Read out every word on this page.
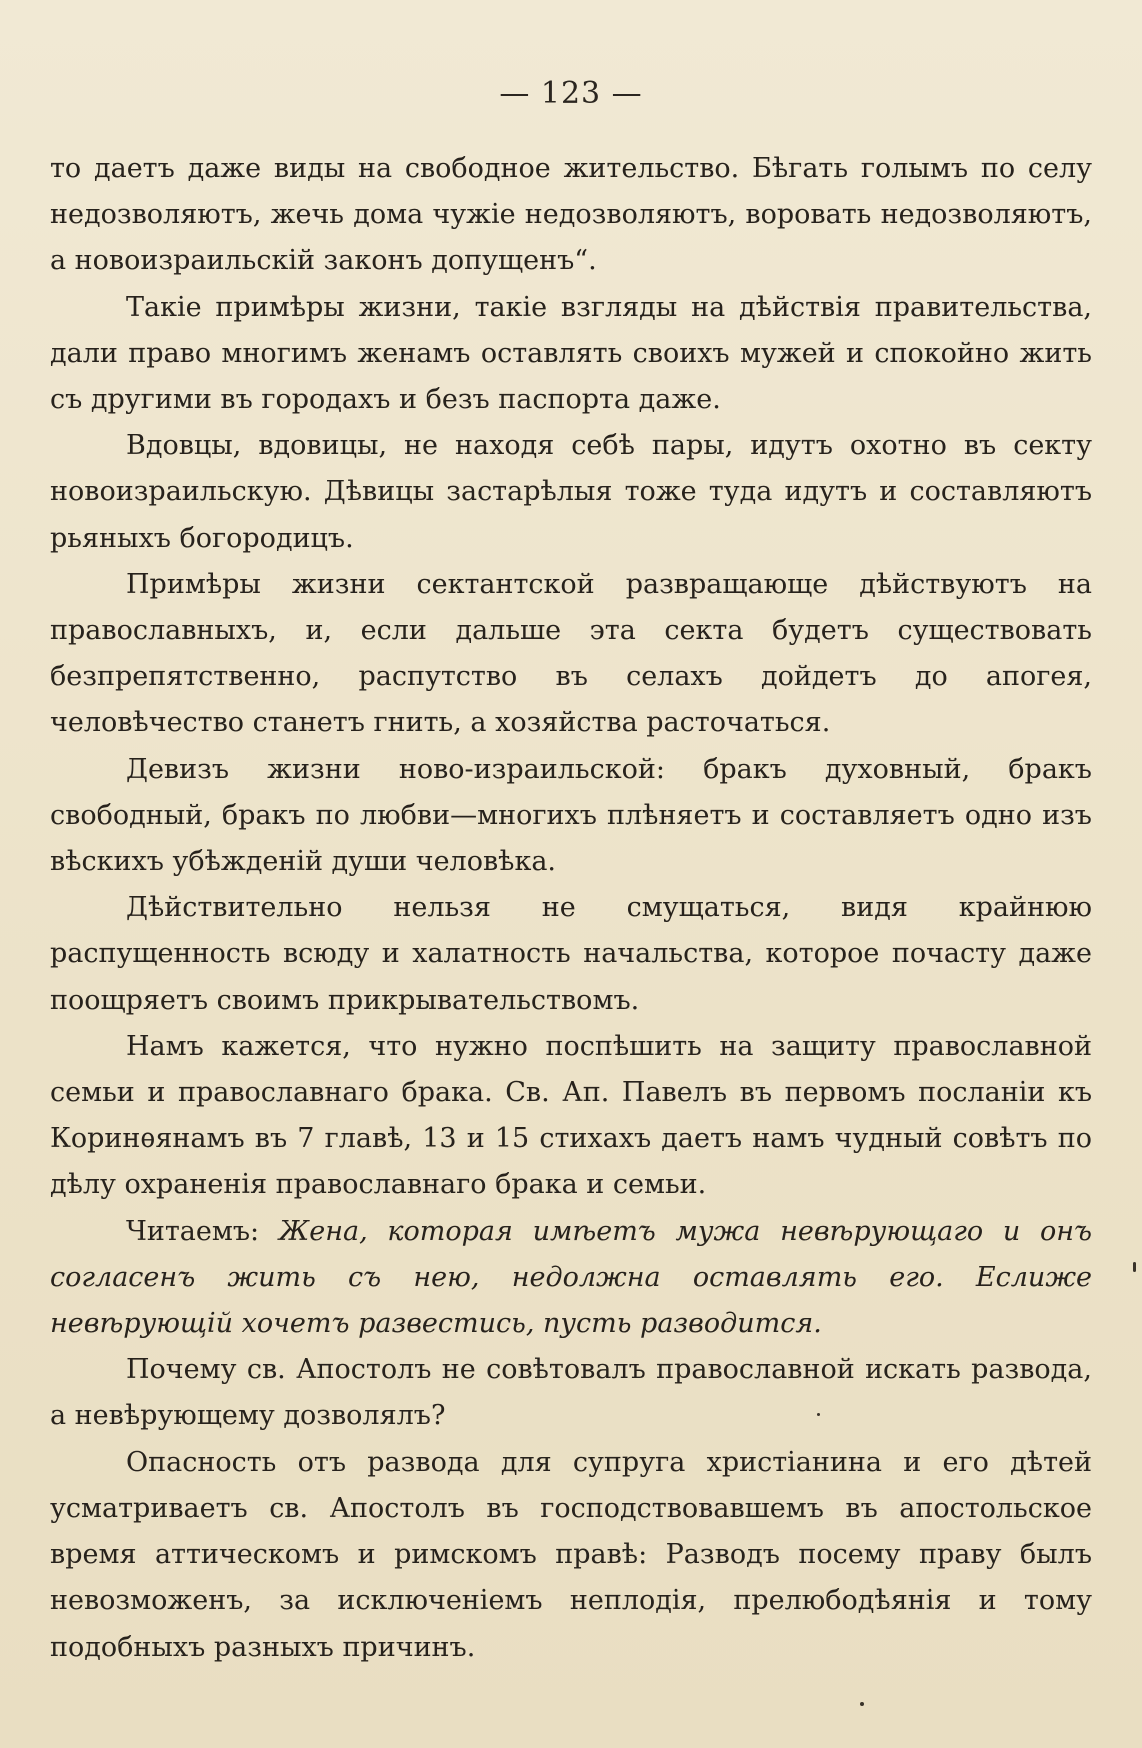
— 123 —

то даетъ даже виды на свободное жительство. Бѣгать голымъ по селу недозволяютъ, жечь дома чужiе недозволяютъ, воровать недозволяютъ, а новоизраильскiй законъ допущенъ“.

Такiе примѣры жизни, такiе взгляды на дѣйствiя правительства, дали право многимъ женамъ оставлять своихъ мужей и спокойно жить съ другими въ городахъ и безъ паспорта даже.

Вдовцы, вдовицы, не находя себѣ пары, идутъ охотно въ секту новоизраильскую. Дѣвицы застарѣлыя тоже туда идутъ и составляютъ рьяныхъ богородицъ.

Примѣры жизни сектантской развращающе дѣйствуютъ на православныхъ, и, если дальше эта секта будетъ существовать безпрепятственно, распутство въ селахъ дойдетъ до апогея, человѣчество станетъ гнить, а хозяйства расточаться.

Девизъ жизни ново-израильской: бракъ духовный, бракъ свободный, бракъ по любви—многихъ плѣняетъ и составляетъ одно изъ вѣскихъ убѣжденiй души человѣка.

Дѣйствительно нельзя не смущаться, видя крайнюю распущенность всюду и халатность начальства, которое почасту даже поощряетъ своимъ прикрывательствомъ.

Намъ кажется, что нужно поспѣшить на защиту православной семьи и православнаго брака. Св. Ап. Павелъ въ первомъ посланiи къ Коринѳянамъ въ 7 главѣ, 13 и 15 стихахъ даетъ намъ чудный совѣтъ по дѣлу охраненiя православнаго брака и семьи.

Читаемъ: Жена, которая имѣетъ мужа невѣрующаго и онъ согласенъ жить съ нею, недолжна оставлять его. Еслиже невѣрующiй хочетъ развестись, пусть разводится.

Почему св. Апостолъ не совѣтовалъ православной искать развода, а невѣрующему дозволялъ?

Опасность отъ развода для супруга христiанина и его дѣтей усматриваетъ св. Апостолъ въ господствовавшемъ въ апостольское время аттическомъ и римскомъ правѣ: Разводъ посему праву былъ невозможенъ, за исключенiемъ неплодiя, прелюбодѣянiя и тому подобныхъ разныхъ причинъ.
